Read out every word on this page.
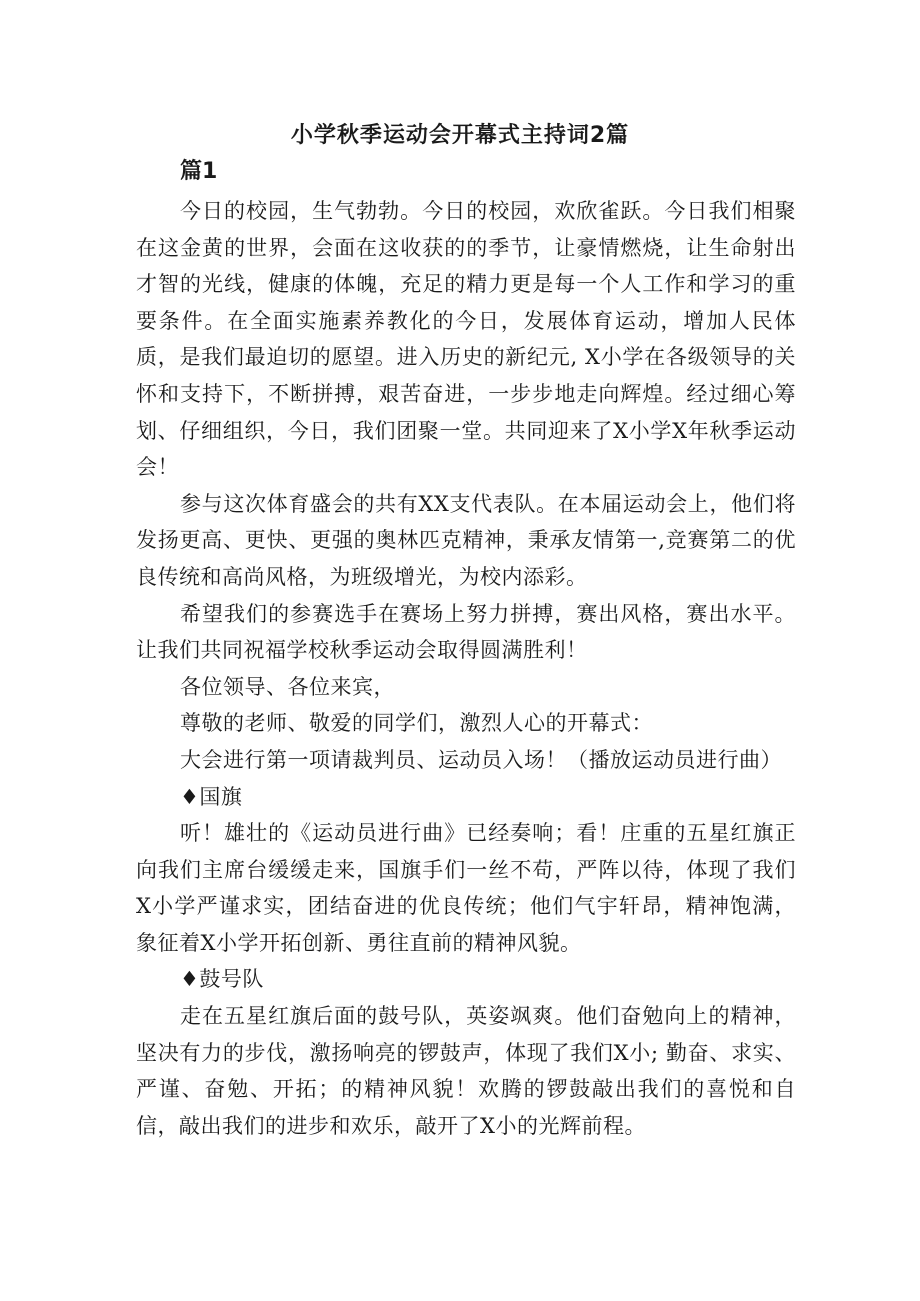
小学秋季运动会开幕式主持词2篇
篇1

今日的校园，生气勃勃。今日的校园，欢欣雀跃。今日我们相聚在这金黄的世界，会面在这收获的的季节，让豪情燃烧，让生命射出才智的光线，健康的体魄，充足的精力更是每一个人工作和学习的重要条件。在全面实施素养教化的今日，发展体育运动，增加人民体质，是我们最迫切的愿望。进入历史的新纪元, X小学在各级领导的关怀和支持下，不断拼搏，艰苦奋进，一步步地走向辉煌。经过细心筹划、仔细组织，今日，我们团聚一堂。共同迎来了X小学X年秋季运动会！

参与这次体育盛会的共有XX支代表队。在本届运动会上，他们将发扬更高、更快、更强的奥林匹克精神，秉承友情第一,竞赛第二的优良传统和高尚风格，为班级增光，为校内添彩。

希望我们的参赛选手在赛场上努力拼搏，赛出风格，赛出水平。让我们共同祝福学校秋季运动会取得圆满胜利！

各位领导、各位来宾，

尊敬的老师、敬爱的同学们，激烈人心的开幕式：

大会进行第一项请裁判员、运动员入场！（播放运动员进行曲）

♦国旗

听！雄壮的《运动员进行曲》已经奏响；看！庄重的五星红旗正向我们主席台缓缓走来，国旗手们一丝不苟，严阵以待，体现了我们X小学严谨求实，团结奋进的优良传统；他们气宇轩昂，精神饱满，象征着X小学开拓创新、勇往直前的精神风貌。

♦鼓号队

走在五星红旗后面的鼓号队，英姿飒爽。他们奋勉向上的精神，坚决有力的步伐，激扬响亮的锣鼓声，体现了我们X小; 勤奋、求实、严谨、奋勉、开拓；的精神风貌！欢腾的锣鼓敲出我们的喜悦和自信，敲出我们的进步和欢乐，敲开了X小的光辉前程。
